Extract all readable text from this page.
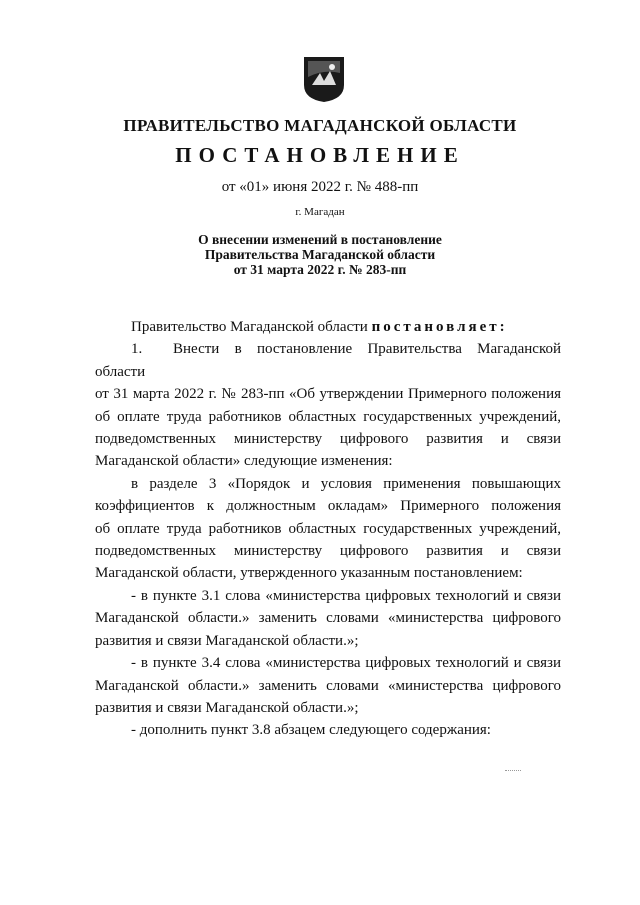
ПРАВИТЕЛЬСТВО МАГАДАНСКОЙ ОБЛАСТИ
ПОСТАНОВЛЕНИЕ
от «01» июня 2022 г. № 488-пп
г. Магадан
О внесении изменений в постановление
Правительства Магаданской области
от 31 марта 2022 г. № 283-пп

Правительство Магаданской области постановляет:

1. Внести в постановление Правительства Магаданской области

от 31 марта 2022 г. № 283-пп «Об утверждении Примерного положения

об оплате труда работников областных государственных учреждений,

подведомственных министерству цифрового развития и связи

Магаданской области» следующие изменения:

в разделе 3 «Порядок и условия применения повышающих

коэффициентов к должностным окладам» Примерного положения

об оплате труда работников областных государственных учреждений,

подведомственных министерству цифрового развития и связи

Магаданской области, утвержденного указанным постановлением:

- в пункте 3.1 слова «министерства цифровых технологий и связи

Магаданской области.» заменить словами «министерства цифрового

развития и связи Магаданской области.»;

- в пункте 3.4 слова «министерства цифровых технологий и связи

Магаданской области.» заменить словами «министерства цифрового

развития и связи Магаданской области.»;

- дополнить пункт 3.8 абзацем следующего содержания:
